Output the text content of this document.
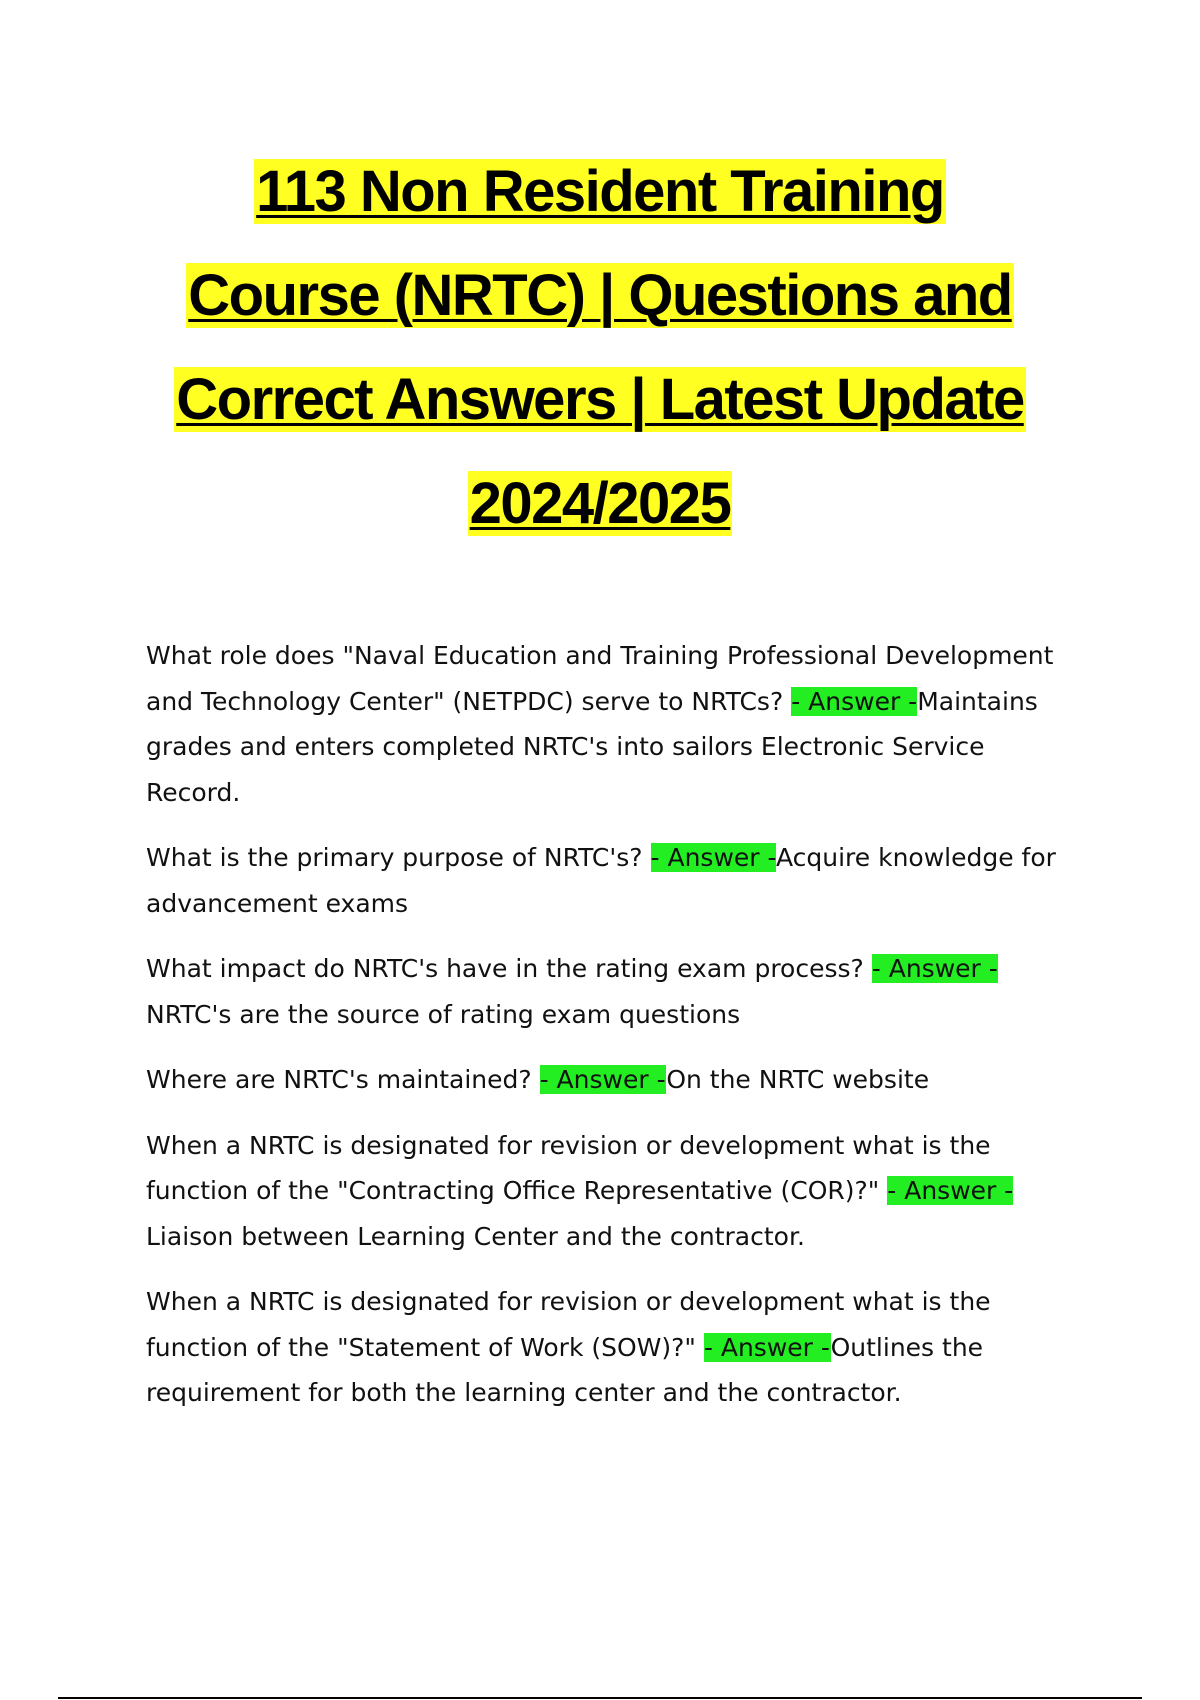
113 Non Resident Training
Course (NRTC) | Questions and
Correct Answers | Latest Update
2024/2025

What role does "Naval Education and Training Professional Development and Technology Center" (NETPDC) serve to NRTCs? - Answer -Maintains grades and enters completed NRTC's into sailors Electronic Service Record.

What is the primary purpose of NRTC's? - Answer -Acquire knowledge for advancement exams

What impact do NRTC's have in the rating exam process? - Answer -NRTC's are the source of rating exam questions

Where are NRTC's maintained? - Answer -On the NRTC website

When a NRTC is designated for revision or development what is the function of the "Contracting Office Representative (COR)?" - Answer -Liaison between Learning Center and the contractor.

When a NRTC is designated for revision or development what is the function of the "Statement of Work (SOW)?" - Answer -Outlines the requirement for both the learning center and the contractor.
